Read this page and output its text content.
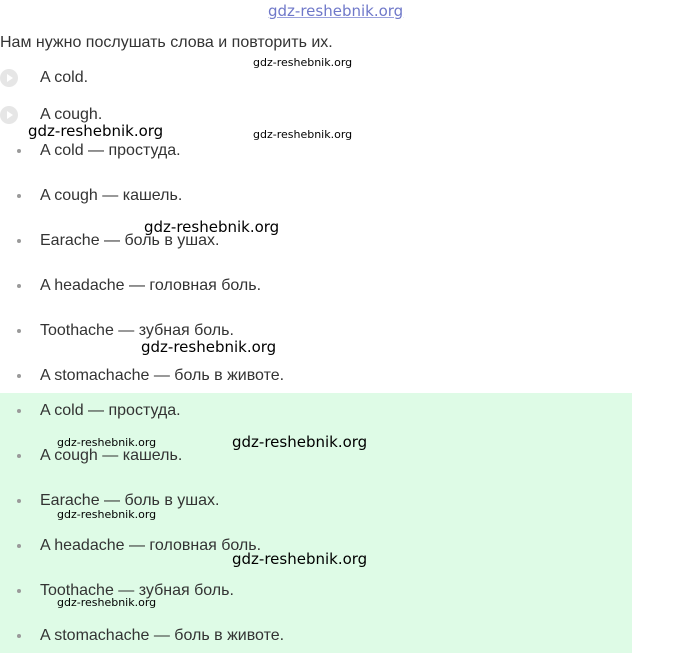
gdz-reshebnik.org
Нам нужно послушать слова и повторить их.
A cold.
A cough.
A cold — простуда.
A cough — кашель.
Earache — боль в ушах.
A headache — головная боль.
Toothache — зубная боль.
A stomachache — боль в животе.
A cold — простуда.
A cough — кашель.
Earache — боль в ушах.
A headache — головная боль.
Toothache — зубная боль.
A stomachache — боль в животе.
gdz-reshebnik.org
gdz-reshebnik.org	gdz-reshebnik.org
gdz-reshebnik.org
gdz-reshebnik.org
gdz-reshebnik.org	gdz-reshebnik.org
gdz-reshebnik.org
gdz-reshebnik.org
gdz-reshebnik.org
